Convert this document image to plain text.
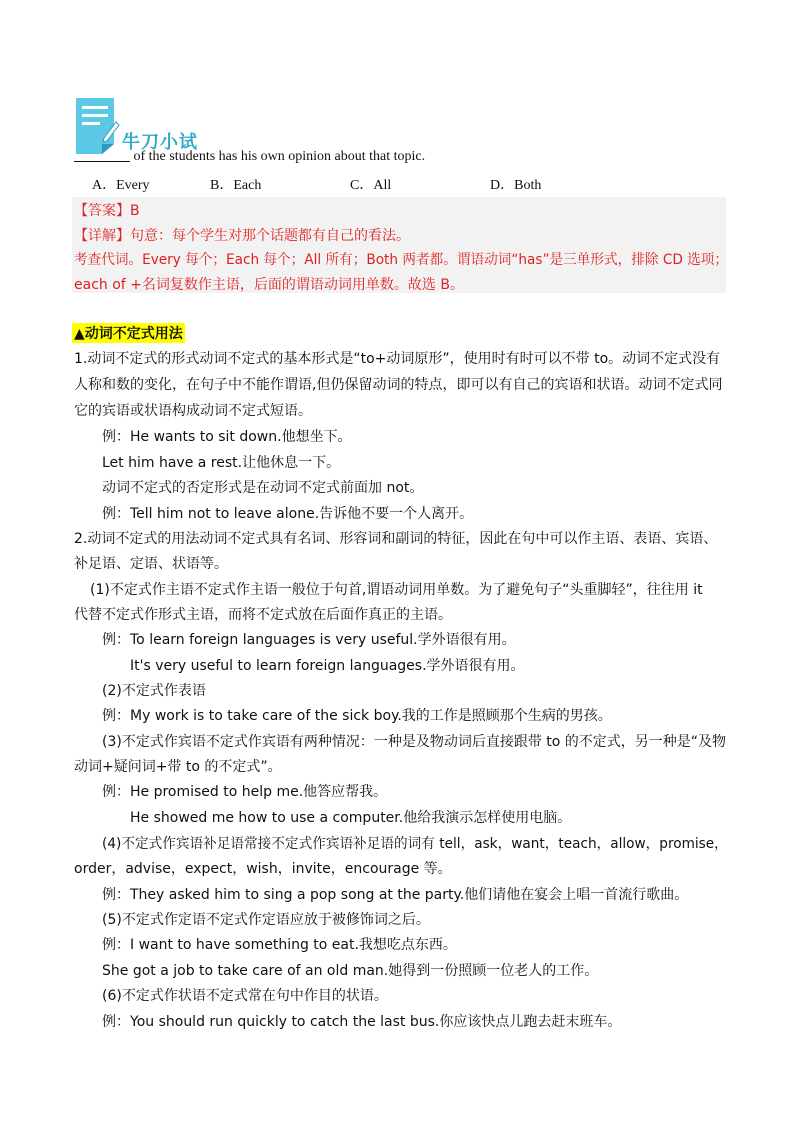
牛刀小试
of the students has his own opinion about that topic.
A．Every	B．Each	C．All	D．Both
【答案】B
【详解】句意：每个学生对那个话题都有自己的看法。
考查代词。Every 每个；Each 每个；All 所有；Both 两者都。谓语动词“has”是三单形式，排除 CD 选项；
each of +名词复数作主语，后面的谓语动词用单数。故选 B。
▲动词不定式用法
1.动词不定式的形式动词不定式的基本形式是“to+动词原形”，使用时有时可以不带 to。动词不定式没有
人称和数的变化，在句子中不能作谓语,但仍保留动词的特点，即可以有自己的宾语和状语。动词不定式同
它的宾语或状语构成动词不定式短语。
例：He wants to sit down.他想坐下。
Let him have a rest.让他休息一下。
动词不定式的否定形式是在动词不定式前面加 not。
例：Tell him not to leave alone.告诉他不要一个人离开。
2.动词不定式的用法动词不定式具有名词、形容词和副词的特征，因此在句中可以作主语、表语、宾语、
补足语、定语、状语等。
(1)不定式作主语不定式作主语一般位于句首,谓语动词用单数。为了避免句子“头重脚轻”，往往用 it
代替不定式作形式主语，而将不定式放在后面作真正的主语。
例：To learn foreign languages is very useful.学外语很有用。
It's very useful to learn foreign languages.学外语很有用。
(2)不定式作表语
例：My work is to take care of the sick boy.我的工作是照顾那个生病的男孩。
(3)不定式作宾语不定式作宾语有两种情况：一种是及物动词后直接跟带 to 的不定式，另一种是“及物
动词+疑问词+带 to 的不定式”。
例：He promised to help me.他答应帮我。
He showed me how to use a computer.他给我演示怎样使用电脑。
(4)不定式作宾语补足语常接不定式作宾语补足语的词有 tell，ask，want，teach，allow，promise，
order，advise，expect，wish，invite，encourage 等。
例：They asked him to sing a pop song at the party.他们请他在宴会上唱一首流行歌曲。
(5)不定式作定语不定式作定语应放于被修饰词之后。
例：I want to have something to eat.我想吃点东西。
She got a job to take care of an old man.她得到一份照顾一位老人的工作。
(6)不定式作状语不定式常在句中作目的状语。
例：You should run quickly to catch the last bus.你应该快点儿跑去赶末班车。
